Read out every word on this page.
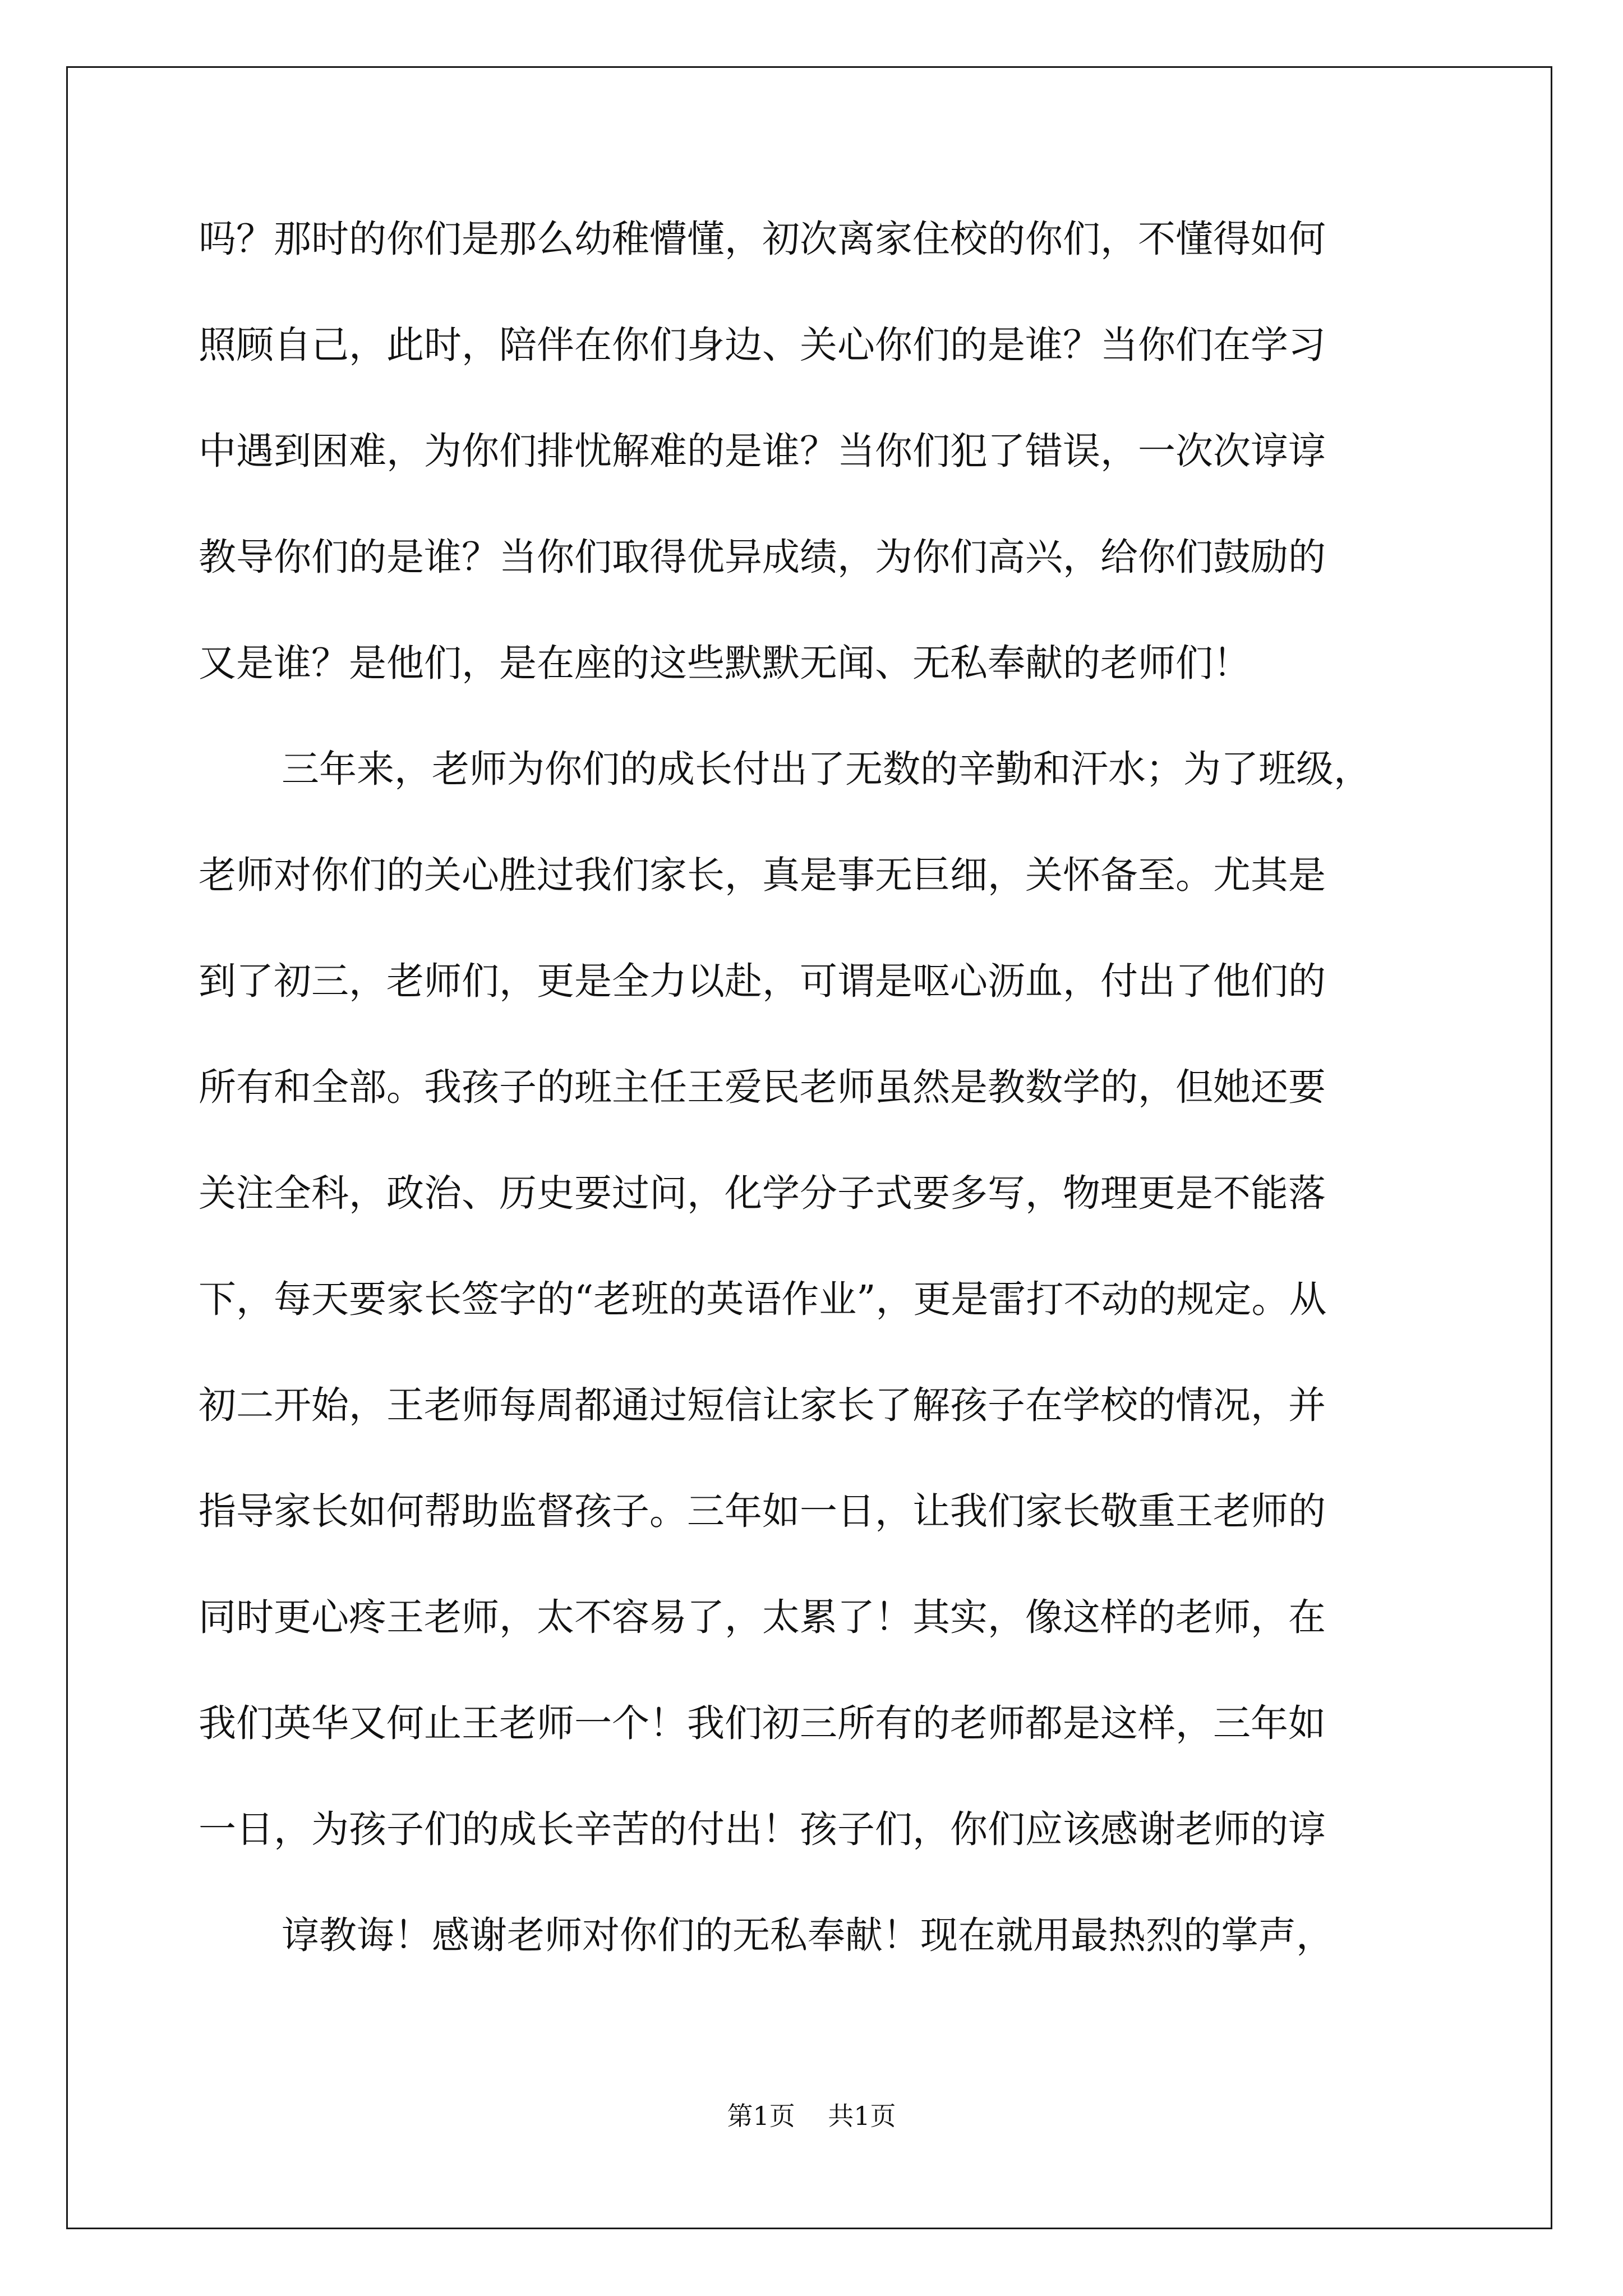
吗？那时的你们是那么幼稚懵懂，初次离家住校的你们，不懂得如何
照顾自己，此时，陪伴在你们身边、关心你们的是谁？当你们在学习
中遇到困难，为你们排忧解难的是谁？当你们犯了错误，一次次谆谆
教导你们的是谁？当你们取得优异成绩，为你们高兴，给你们鼓励的
又是谁？是他们，是在座的这些默默无闻、无私奉献的老师们！
三年来，老师为你们的成长付出了无数的辛勤和汗水；为了班级，
老师对你们的关心胜过我们家长，真是事无巨细，关怀备至。尤其是
到了初三，老师们，更是全力以赴，可谓是呕心沥血，付出了他们的
所有和全部。我孩子的班主任王爱民老师虽然是教数学的，但她还要
关注全科，政治、历史要过问，化学分子式要多写，物理更是不能落
下，每天要家长签字的“老班的英语作业”，更是雷打不动的规定。从
初二开始，王老师每周都通过短信让家长了解孩子在学校的情况，并
指导家长如何帮助监督孩子。三年如一日，让我们家长敬重王老师的
同时更心疼王老师，太不容易了，太累了！其实，像这样的老师，在
我们英华又何止王老师一个！我们初三所有的老师都是这样，三年如
一日，为孩子们的成长辛苦的付出！孩子们，你们应该感谢老师的谆
谆教诲！感谢老师对你们的无私奉献！现在就用最热烈的掌声，
第1页 共1页
